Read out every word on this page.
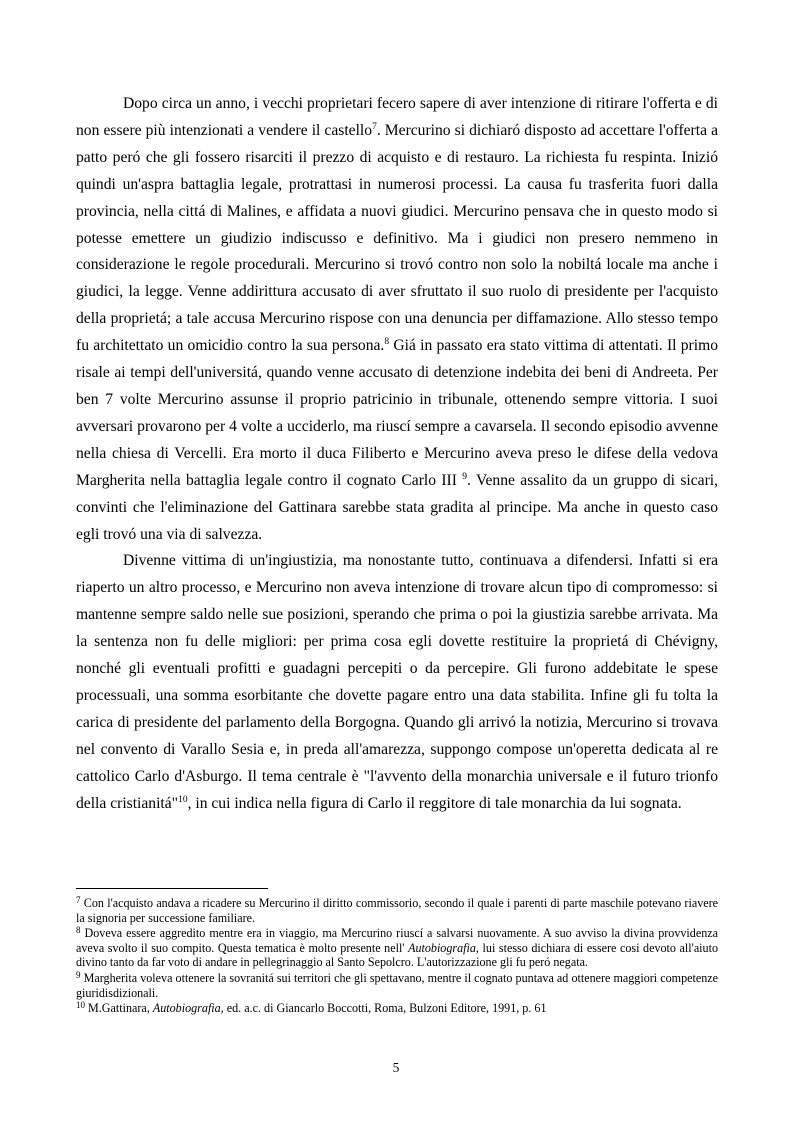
Dopo circa un anno, i vecchi proprietari fecero sapere di aver intenzione di ritirare l'offerta e di non essere più intenzionati a vendere il castello$^7$. Mercurino si dichiaró disposto ad accettare l'offerta a patto peró che gli fossero risarciti il prezzo di acquisto e di restauro. La richiesta fu respinta. Inizió quindi un'aspra battaglia legale, protrattasi in numerosi processi. La causa fu trasferita fuori dalla provincia, nella cittá di Malines, e affidata a nuovi giudici. Mercurino pensava che in questo modo si potesse emettere un giudizio indiscusso e definitivo. Ma i giudici non presero nemmeno in considerazione le regole procedurali. Mercurino si trovó contro non solo la nobiltá locale ma anche i giudici, la legge. Venne addirittura accusato di aver sfruttato il suo ruolo di presidente per l'acquisto della proprietá; a tale accusa Mercurino rispose con una denuncia per diffamazione. Allo stesso tempo fu architettato un omicidio contro la sua persona.$^8$ Giá in passato era stato vittima di attentati. Il primo risale ai tempi dell'universitá, quando venne accusato di detenzione indebita dei beni di Andreeta. Per ben 7 volte Mercurino assunse il proprio patricinio in tribunale, ottenendo sempre vittoria. I suoi avversari provarono per 4 volte a ucciderlo, ma riuscí sempre a cavarsela. Il secondo episodio avvenne nella chiesa di Vercelli. Era morto il duca Filiberto e Mercurino aveva preso le difese della vedova Margherita nella battaglia legale contro il cognato Carlo III $^9$. Venne assalito da un gruppo di sicari, convinti che l'eliminazione del Gattinara sarebbe stata gradita al principe. Ma anche in questo caso egli trovó una via di salvezza.

Divenne vittima di un'ingiustizia, ma nonostante tutto, continuava a difendersi. Infatti si era riaperto un altro processo, e Mercurino non aveva intenzione di trovare alcun tipo di compromesso: si mantenne sempre saldo nelle sue posizioni, sperando che prima o poi la giustizia sarebbe arrivata. Ma la sentenza non fu delle migliori: per prima cosa egli dovette restituire la proprietá di Chévigny, nonché gli eventuali profitti e guadagni percepiti o da percepire. Gli furono addebitate le spese processuali, una somma esorbitante che dovette pagare entro una data stabilita. Infine gli fu tolta la carica di presidente del parlamento della Borgogna. Quando gli arrivó la notizia, Mercurino si trovava nel convento di Varallo Sesia e, in preda all'amarezza, suppongo compose un'operetta dedicata al re cattolico Carlo d'Asburgo. Il tema centrale è "l'avvento della monarchia universale e il futuro trionfo della cristianitá"$^{10}$, in cui indica nella figura di Carlo il reggitore di tale monarchia da lui sognata.

$^7$ Con l'acquisto andava a ricadere su Mercurino il diritto commissorio, secondo il quale i parenti di parte maschile potevano riavere la signoria per successione familiare.
$^8$ Doveva essere aggredito mentre era in viaggio, ma Mercurino riuscí a salvarsi nuovamente. A suo avviso la divina provvidenza aveva svolto il suo compito. Questa tematica è molto presente nell' Autobiografia, lui stesso dichiara di essere cosi devoto all'aiuto divino tanto da far voto di andare in pellegrinaggio al Santo Sepolcro. L'autorizzazione gli fu peró negata.
$^9$ Margherita voleva ottenere la sovranitá sui territori che gli spettavano, mentre il cognato puntava ad ottenere maggiori competenze giuridisdizionali.
$^{10}$ M.Gattinara, Autobiografia, ed. a.c. di Giancarlo Boccotti, Roma, Bulzoni Editore, 1991, p. 61
5
